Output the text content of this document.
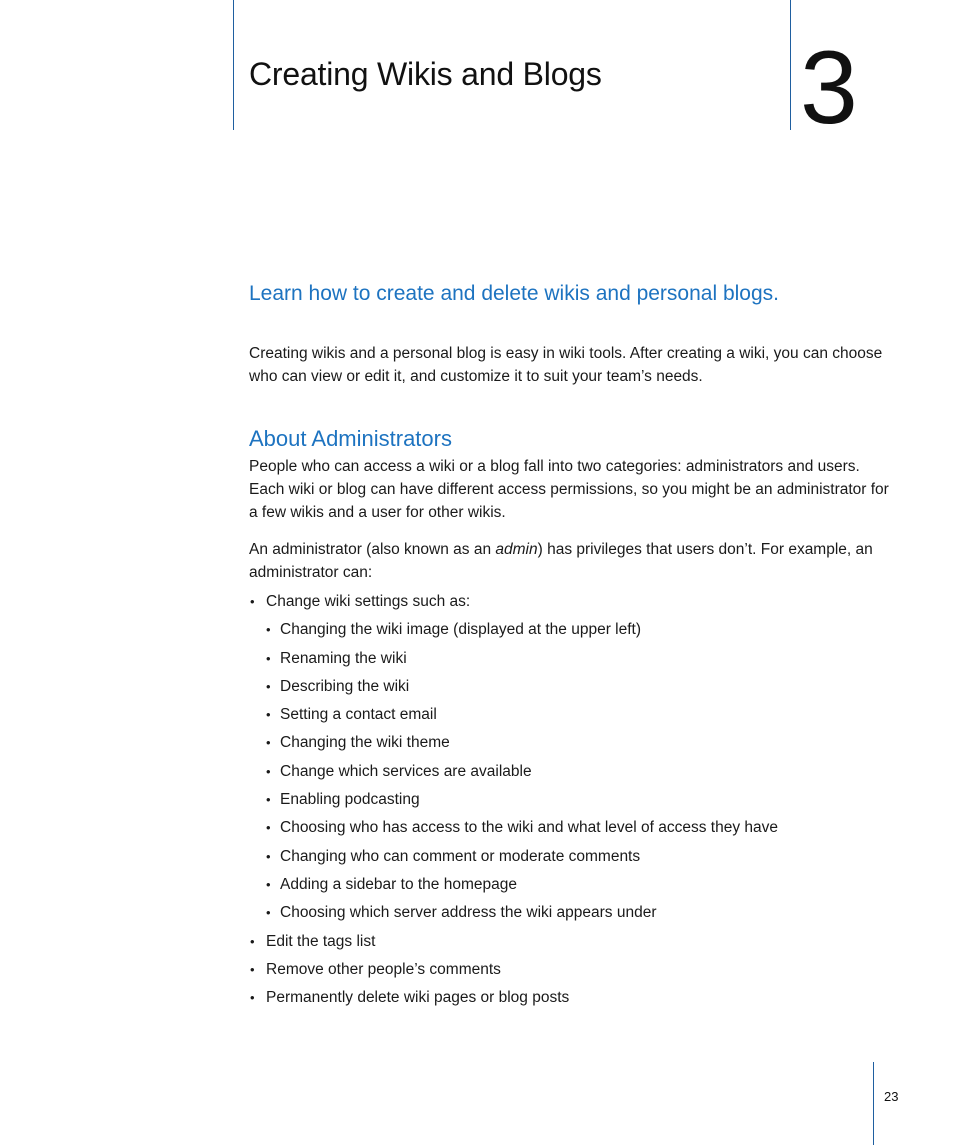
Creating Wikis and Blogs 3
Learn how to create and delete wikis and personal blogs.

Creating wikis and a personal blog is easy in wiki tools. After creating a wiki, you can choose who can view or edit it, and customize it to suit your team’s needs.

About Administrators

People who can access a wiki or a blog fall into two categories: administrators and users. Each wiki or blog can have different access permissions, so you might be an administrator for a few wikis and a user for other wikis.

An administrator (also known as an admin) has privileges that users don’t. For example, an administrator can:

• Change wiki settings such as:
• Changing the wiki image (displayed at the upper left)
• Renaming the wiki
• Describing the wiki
• Setting a contact email
• Changing the wiki theme
• Change which services are available
• Enabling podcasting
• Choosing who has access to the wiki and what level of access they have
• Changing who can comment or moderate comments
• Adding a sidebar to the homepage
• Choosing which server address the wiki appears under
• Edit the tags list
• Remove other people’s comments
• Permanently delete wiki pages or blog posts
23
